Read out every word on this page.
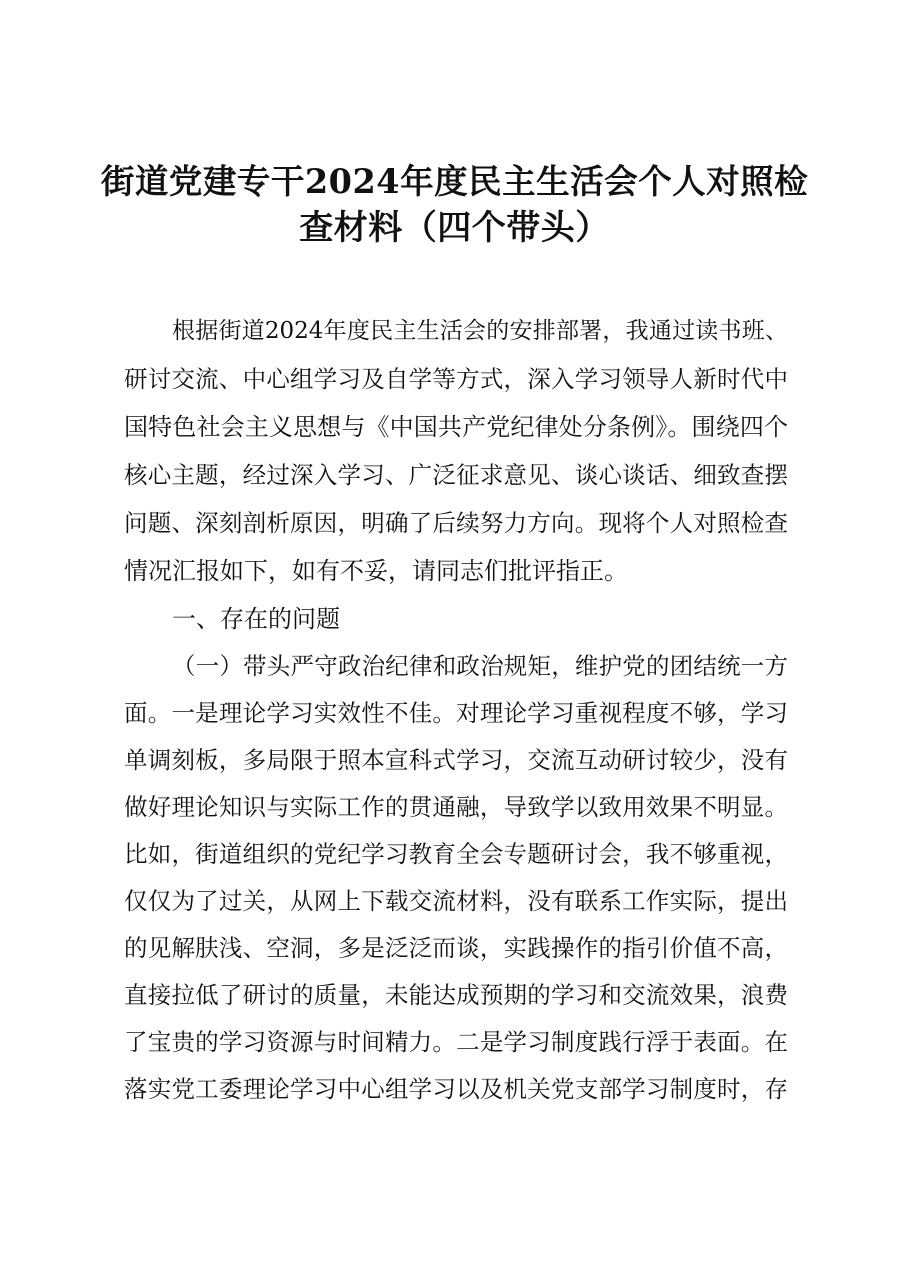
街道党建专干2024年度民主生活会个人对照检
查材料（四个带头）
根据街道2024年度民主生活会的安排部署，我通过读书班、
研讨交流、中心组学习及自学等方式，深入学习领导人新时代中
国特色社会主义思想与《中国共产党纪律处分条例》。围绕四个
核心主题，经过深入学习、广泛征求意见、谈心谈话、细致查摆
问题、深刻剖析原因，明确了后续努力方向。现将个人对照检查
情况汇报如下，如有不妥，请同志们批评指正。
一、存在的问题
（一）带头严守政治纪律和政治规矩，维护党的团结统一方
面。一是理论学习实效性不佳。对理论学习重视程度不够，学习
单调刻板，多局限于照本宣科式学习，交流互动研讨较少，没有
做好理论知识与实际工作的贯通融，导致学以致用效果不明显。
比如，街道组织的党纪学习教育全会专题研讨会，我不够重视，
仅仅为了过关，从网上下载交流材料，没有联系工作实际，提出
的见解肤浅、空洞，多是泛泛而谈，实践操作的指引价值不高，
直接拉低了研讨的质量，未能达成预期的学习和交流效果，浪费
了宝贵的学习资源与时间精力。二是学习制度践行浮于表面。在
落实党工委理论学习中心组学习以及机关党支部学习制度时，存
